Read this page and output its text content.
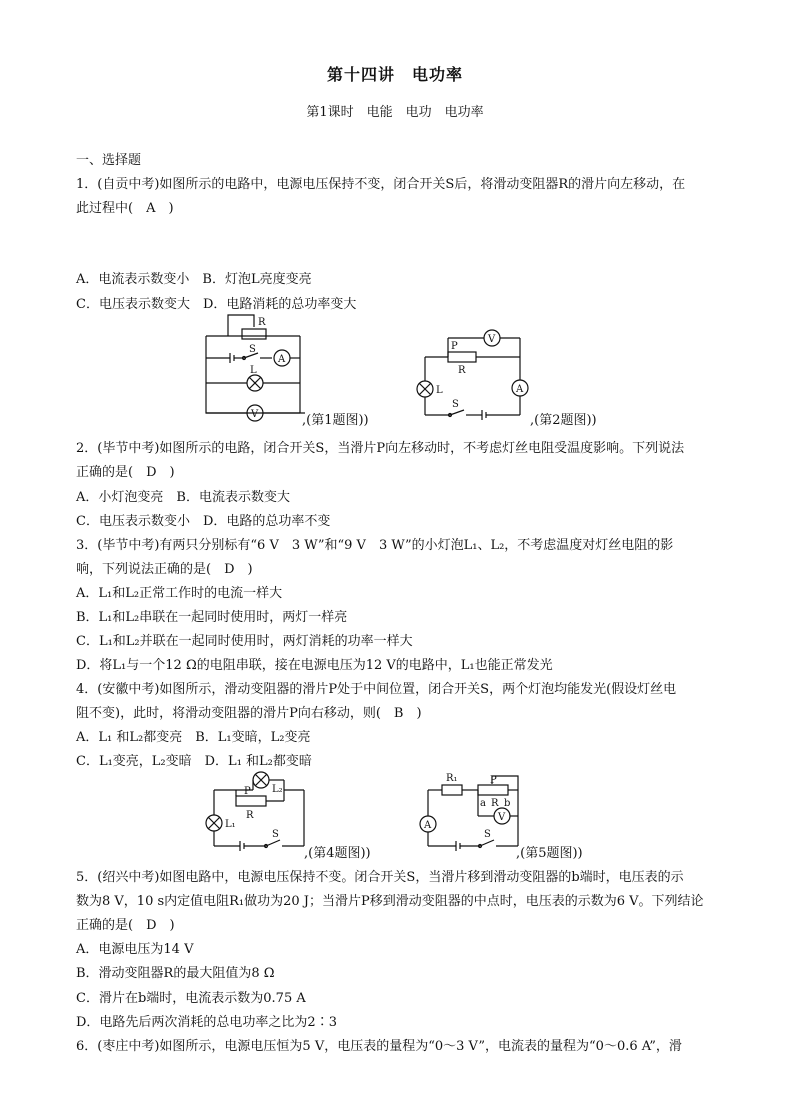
第十四讲　电功率
第1课时　电能　电功　电功率
一、选择题
1．(自贡中考)如图所示的电路中，电源电压保持不变，闭合开关S后，将滑动变阻器R的滑片向左移动，在
此过程中(　A　)
A．电流表示数变小　B．灯泡L亮度变亮
C．电压表示数变大　D．电路消耗的总功率变大
R
S
A
L
V	,(第1题图))
V
P
R
L	A
S
,(第2题图))
2．(毕节中考)如图所示的电路，闭合开关S，当滑片P向左移动时，不考虑灯丝电阻受温度影响。下列说法
正确的是(　D　)
A．小灯泡变亮　B．电流表示数变大
C．电压表示数变小　D．电路的总功率不变
3．(毕节中考)有两只分别标有“6 V　3 W”和“9 V　3 W”的小灯泡L₁、L₂，不考虑温度对灯丝电阻的影
响，下列说法正确的是(　D　)
A．L₁和L₂正常工作时的电流一样大
B．L₁和L₂串联在一起同时使用时，两灯一样亮
C．L₁和L₂并联在一起同时使用时，两灯消耗的功率一样大
D．将L₁与一个12 Ω的电阻串联，接在电源电压为12 V的电路中，L₁也能正常发光
4．(安徽中考)如图所示，滑动变阻器的滑片P处于中间位置，闭合开关S，两个灯泡均能发光(假设灯丝电
阻不变)，此时，将滑动变阻器的滑片P向右移动，则(　B　)
A．L₁ 和L₂都变亮　B．L₁变暗，L₂变亮
C．L₁变亮，L₂变暗　D．L₁ 和L₂都变暗
P L₂
R
L₁
S
,(第4题图))
R₁	P
a R b
V
A
S
,(第5题图))
5．(绍兴中考)如图电路中，电源电压保持不变。闭合开关S，当滑片移到滑动变阻器的b端时，电压表的示
数为8 V，10 s内定值电阻R₁做功为20 J；当滑片P移到滑动变阻器的中点时，电压表的示数为6 V。下列结论
正确的是(　D　)
A．电源电压为14 V
B．滑动变阻器R的最大阻值为8 Ω
C．滑片在b端时，电流表示数为0.75 A
D．电路先后两次消耗的总电功率之比为2∶3
6．(枣庄中考)如图所示，电源电压恒为5 V，电压表的量程为“0～3 V”，电流表的量程为“0～0.6 A”，滑
